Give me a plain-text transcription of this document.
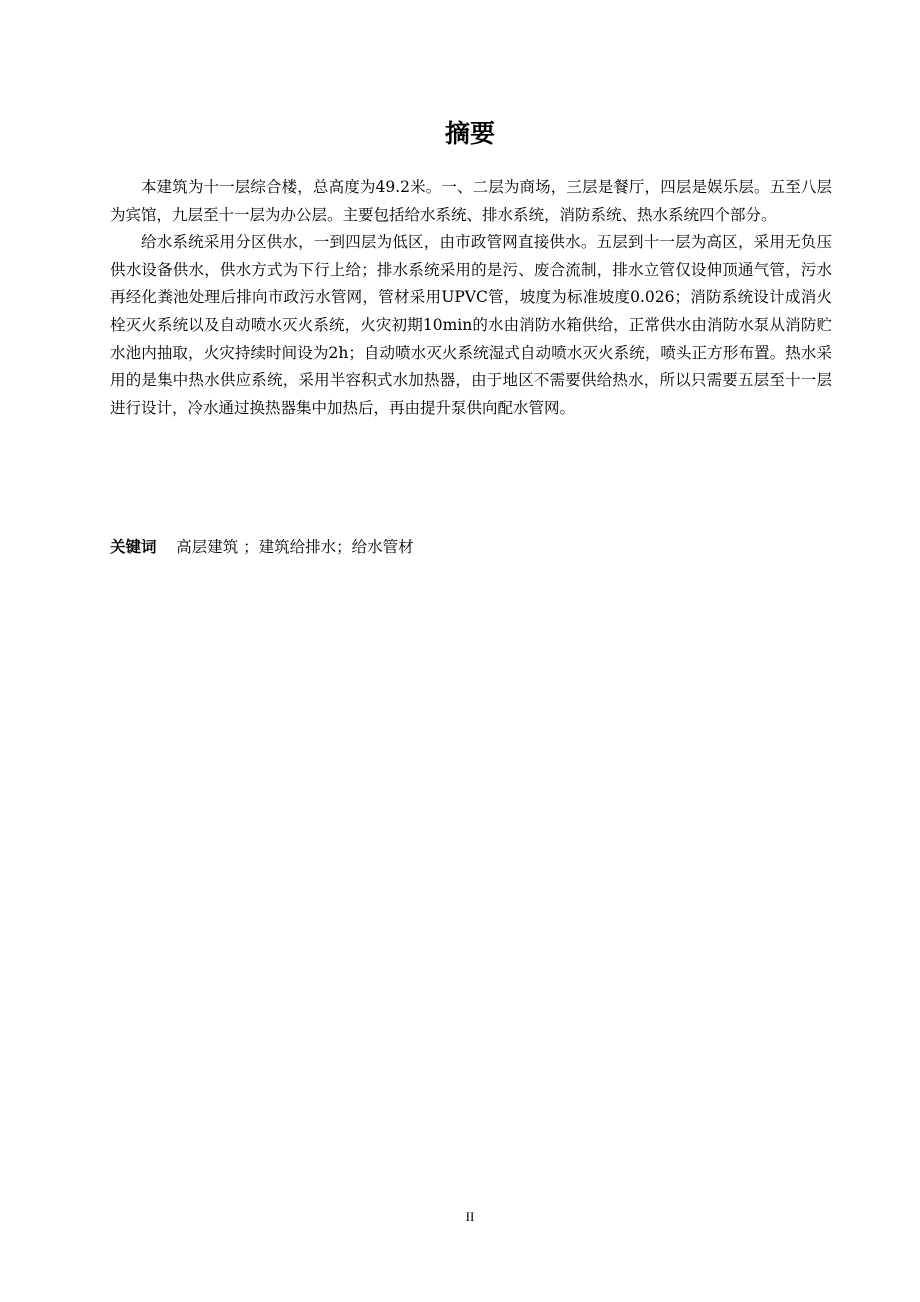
摘要

本建筑为十一层综合楼，总高度为49.2米。一、二层为商场，三层是餐厅，四层是娱乐层。五至八层为宾馆，九层至十一层为办公层。主要包括给水系统、排水系统，消防系统、热水系统四个部分。

给水系统采用分区供水，一到四层为低区，由市政管网直接供水。五层到十一层为高区，采用无负压供水设备供水，供水方式为下行上给；排水系统采用的是污、废合流制，排水立管仅设伸顶通气管，污水再经化粪池处理后排向市政污水管网，管材采用UPVC管，坡度为标准坡度0.026；消防系统设计成消火栓灭火系统以及自动喷水灭火系统，火灾初期10min的水由消防水箱供给，正常供水由消防水泵从消防贮水池内抽取，火灾持续时间设为2h；自动喷水灭火系统湿式自动喷水灭火系统，喷头正方形布置。热水采用的是集中热水供应系统，采用半容积式水加热器，由于地区不需要供给热水，所以只需要五层至十一层进行设计，冷水通过换热器集中加热后，再由提升泵供向配水管网。

关键词 高层建筑 ；建筑给排水；给水管材
II
